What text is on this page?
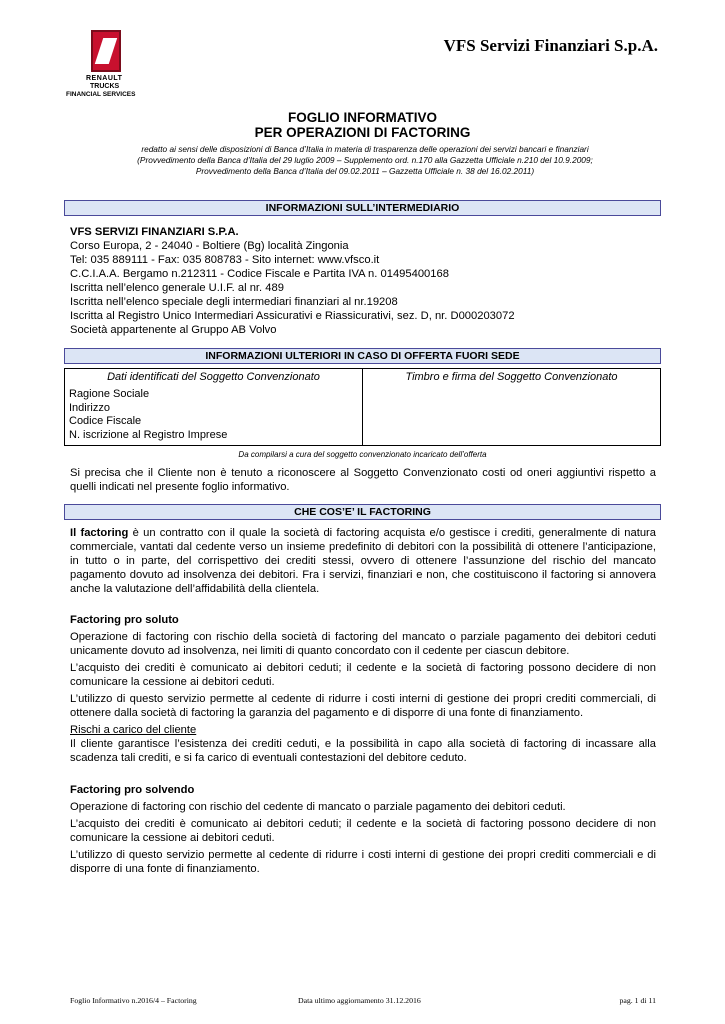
RENAULT
TRUCKS
FINANCIAL SERVICES
VFS Servizi Finanziari S.p.A.
FOGLIO INFORMATIVO
PER OPERAZIONI DI FACTORING
redatto ai sensi delle disposizioni di Banca d’Italia in materia di trasparenza delle operazioni dei servizi bancari e finanziari
(Provvedimento della Banca d’Italia del 29 luglio 2009 – Supplemento ord. n.170 alla Gazzetta Ufficiale n.210 del 10.9.2009;
Provvedimento della Banca d’Italia del 09.02.2011 – Gazzetta Ufficiale n. 38 del 16.02.2011)
INFORMAZIONI SULL’INTERMEDIARIO
VFS SERVIZI FINANZIARI S.P.A.
Corso Europa, 2 - 24040 - Boltiere (Bg) località Zingonia
Tel: 035 889111 - Fax: 035 808783 - Sito internet: www.vfsco.it
C.C.I.A.A. Bergamo n.212311 - Codice Fiscale e Partita IVA n. 01495400168
Iscritta nell’elenco generale U.I.F. al nr. 489
Iscritta nell’elenco speciale degli intermediari finanziari al nr.19208
Iscritta al Registro Unico Intermediari Assicurativi e Riassicurativi, sez. D, nr. D000203072
Società appartenente al Gruppo AB Volvo
INFORMAZIONI ULTERIORI IN CASO DI OFFERTA FUORI SEDE
Dati identificati del Soggetto Convenzionato
Ragione Sociale
Indirizzo
Codice Fiscale
N. iscrizione al Registro Imprese

Timbro e firma del Soggetto Convenzionato
Da compilarsi a cura del soggetto convenzionato incaricato dell’offerta
Si precisa che il Cliente non è tenuto a riconoscere al Soggetto Convenzionato costi od oneri aggiuntivi rispetto a quelli indicati nel presente foglio informativo.
CHE COS’E’ IL FACTORING

Il factoring è un contratto con il quale la società di factoring acquista e/o gestisce i crediti, generalmente di natura commerciale, vantati dal cedente verso un insieme predefinito di debitori con la possibilità di ottenere l’anticipazione, in tutto o in parte, del corrispettivo dei crediti stessi, ovvero di ottenere l’assunzione del rischio del mancato pagamento dovuto ad insolvenza dei debitori. Fra i servizi, finanziari e non, che costituiscono il factoring si annovera anche la valutazione dell’affidabilità della clientela.

Factoring pro soluto

Operazione di factoring con rischio della società di factoring del mancato o parziale pagamento dei debitori ceduti unicamente dovuto ad insolvenza, nei limiti di quanto concordato con il cedente per ciascun debitore.

L’acquisto dei crediti è comunicato ai debitori ceduti; il cedente e la società di factoring possono decidere di non comunicare la cessione ai debitori ceduti.

L’utilizzo di questo servizio permette al cedente di ridurre i costi interni di gestione dei propri crediti commerciali, di ottenere dalla società di factoring la garanzia del pagamento e di disporre di una fonte di finanziamento.

Rischi a carico del cliente

Il cliente garantisce l’esistenza dei crediti ceduti, e la possibilità in capo alla società di factoring di incassare alla scadenza tali crediti, e si fa carico di eventuali contestazioni del debitore ceduto.

Factoring pro solvendo

Operazione di factoring con rischio del cedente di mancato o parziale pagamento dei debitori ceduti.

L’acquisto dei crediti è comunicato ai debitori ceduti; il cedente e la società di factoring possono decidere di non comunicare la cessione ai debitori ceduti.

L’utilizzo di questo servizio permette al cedente di ridurre i costi interni di gestione dei propri crediti commerciali e di disporre di una fonte di finanziamento.

Foglio Informativo n.2016/4 – Factoring	Data ultimo aggiornamento 31.12.2016	pag. 1 di 11
